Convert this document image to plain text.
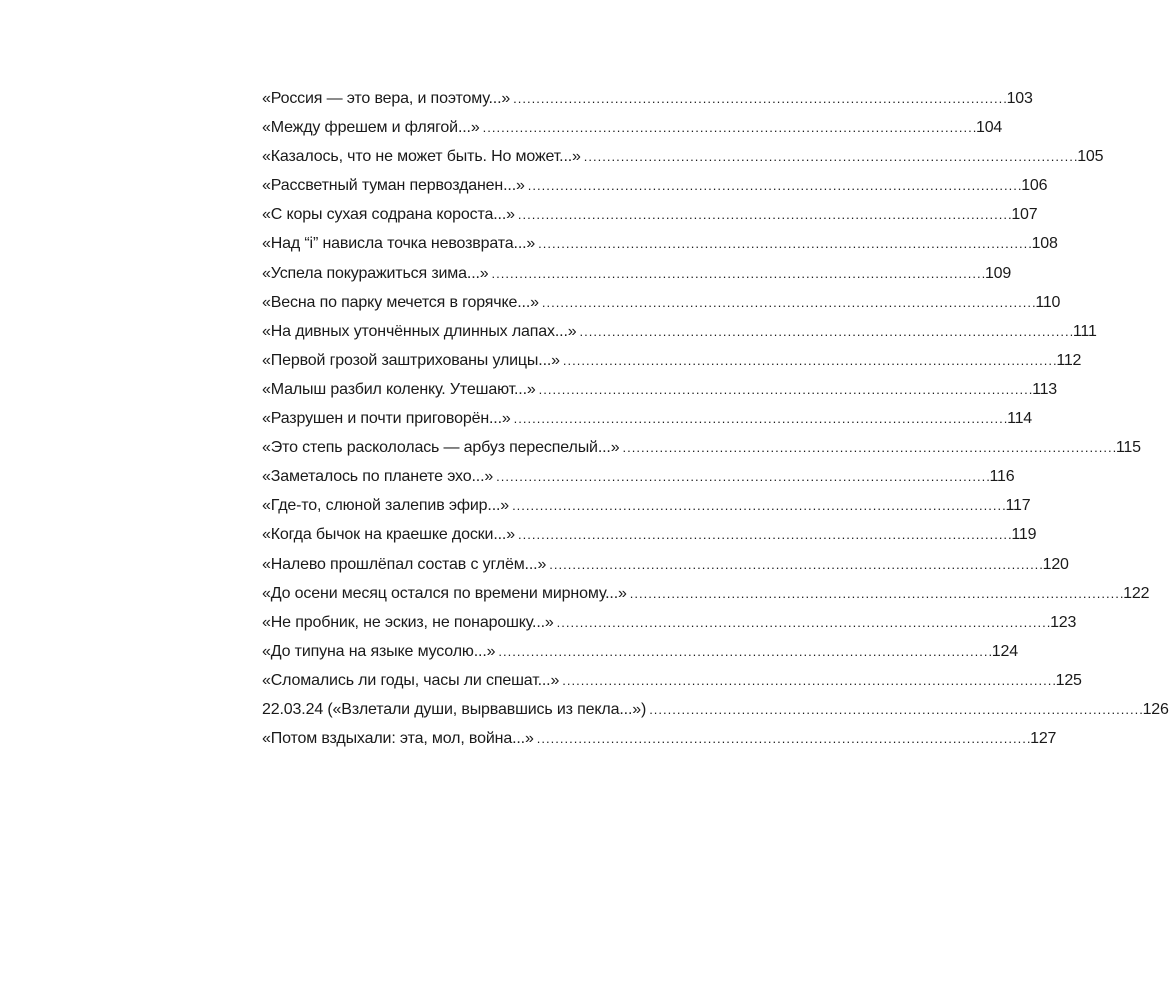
«Россия — это вера, и поэтому...» . . .	103
«Между фрешем и флягой...» . . .	104
«Казалось, что не может быть. Но может...» . . .	105
«Рассветный туман первозданен...» . . .	106
«С коры сухая содрана короста...» . . .	107
«Над “i” нависла точка невозврата...» . . .	108
«Успела покуражиться зима...» . . .	109
«Весна по парку мечется в горячке...» . . .	110
«На дивных утончённых длинных лапах...» . . .	111
«Первой грозой заштрихованы улицы...» . . .	112
«Малыш разбил коленку. Утешают...» . . .	113
«Разрушен и почти приговорён...» . . .	114
«Это степь раскололась — арбуз переспелый...» . . .	115
«Заметалось по планете эхо...» . . .	116
«Где-то, слюной залепив эфир...» . . .	117
«Когда бычок на краешке доски...» . . .	119
«Налево прошлёпал состав с углём...» . . .	120
«До осени месяц остался по времени мирному...» . . .	122
«Не пробник, не эскиз, не понарошку...» . . .	123
«До типуна на языке мусолю...» . . .	124
«Сломались ли годы, часы ли спешат...» . . .	125
22.03.24 («Взлетали души, вырвавшись из пекла...») . . .	126
«Потом вздыхали: эта, мол, война...» . . .	127
